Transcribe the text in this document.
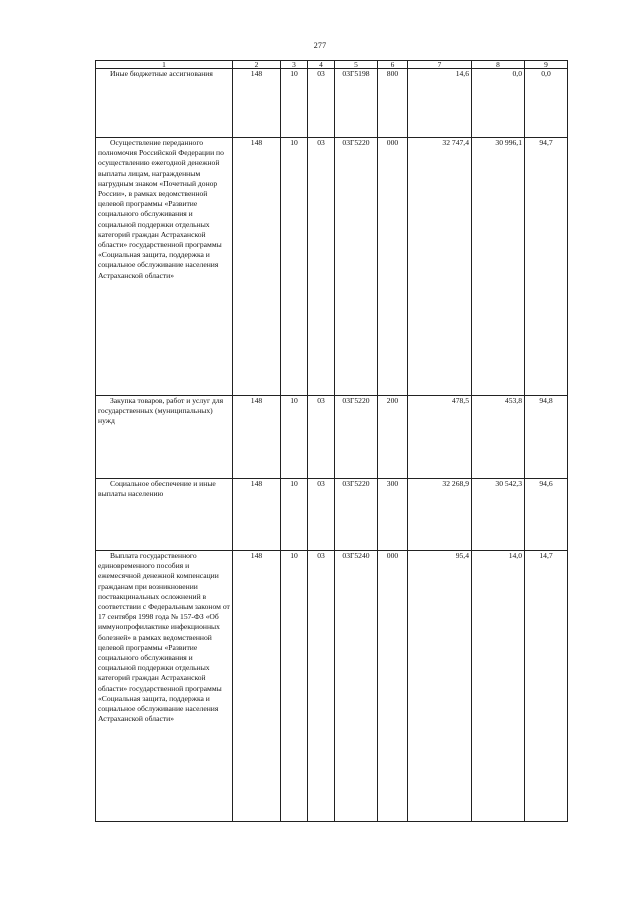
277
1	2	3	4	5	6	7	8	9
Иные бюджетные ассигнования	148	10	03	03Г5198	800	14,6	0,0	0,0
Осуществление переданного полномочия Российской Федерации по осуществлению ежегодной денежной выплаты лицам, награжденным нагрудным знаком «Почетный донор России», в рамках ведомственной целевой программы «Развитие социального обслуживания и социальной поддержки отдельных категорий граждан Астраханской области» государственной программы «Социальная защита, поддержка и социальное обслуживание населения Астраханской области»	148	10	03	03Г5220	000	32 747,4	30 996,1	94,7
Закупка товаров, работ и услуг для государственных (муниципальных) нужд	148	10	03	03Г5220	200	478,5	453,8	94,8
Социальное обеспечение и иные выплаты населению	148	10	03	03Г5220	300	32 268,9	30 542,3	94,6
Выплата государственного единовременного пособия и ежемесячной денежной компенсации гражданам при возникновении поствакцинальных осложнений в соответствии с Федеральным законом от 17 сентября 1998 года № 157-ФЗ «Об иммунопрофилактике инфекционных болезней» в рамках ведомственной целевой программы «Развитие социального обслуживания и социальной поддержки отдельных категорий граждан Астраханской области» государственной программы «Социальная защита, поддержка и социальное обслуживание населения Астраханской области»	148	10	03	03Г5240	000	95,4	14,0	14,7
